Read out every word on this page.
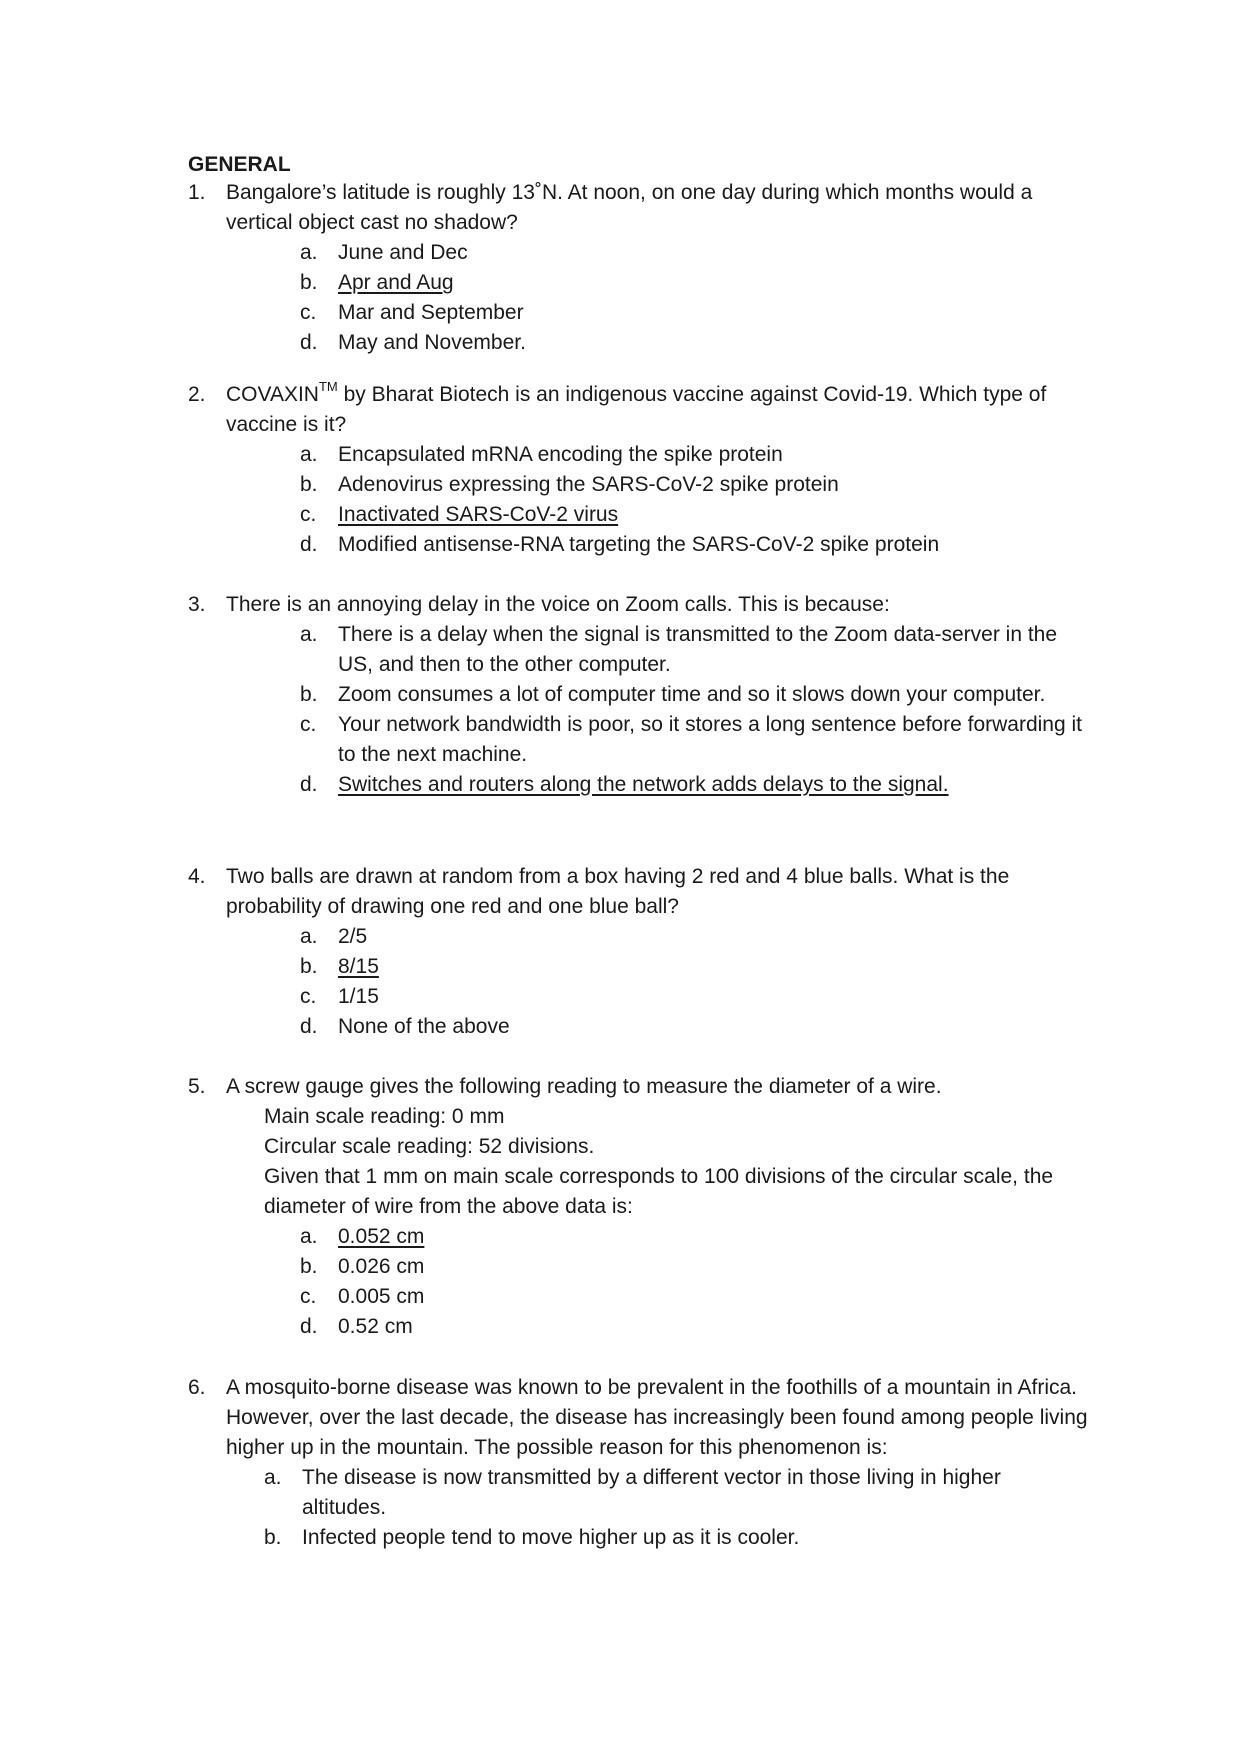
GENERAL
1. Bangalore’s latitude is roughly 13˚N. At noon, on one day during which months would a vertical object cast no shadow?
a. June and Dec
b. Apr and Aug
c.	Mar and September
d. May and November.
2. COVAXIN™ by Bharat Biotech is an indigenous vaccine against Covid-19. Which type of vaccine is it?
a. Encapsulated mRNA encoding the spike protein
b. Adenovirus expressing the SARS-CoV-2 spike protein
c.	Inactivated SARS-CoV-2 virus
d. Modified antisense-RNA targeting the SARS-CoV-2 spike protein
3. There is an annoying delay in the voice on Zoom calls. This is because:
a. There is a delay when the signal is transmitted to the Zoom data-server in the US, and then to the other computer.
b. Zoom consumes a lot of computer time and so it slows down your computer.
c.	Your network bandwidth is poor, so it stores a long sentence before forwarding it to the next machine.
d. Switches and routers along the network adds delays to the signal.
4. Two balls are drawn at random from a box having 2 red and 4 blue balls. What is the probability of drawing one red and one blue ball?
a. 2/5
b. 8/15
c.	1/15
d. None of the above
5. A screw gauge gives the following reading to measure the diameter of a wire.
Main scale reading: 0 mm
Circular scale reading: 52 divisions.
Given that 1 mm on main scale corresponds to 100 divisions of the circular scale, the diameter of wire from the above data is:
a. 0.052 cm
b. 0.026 cm
c.	0.005 cm
d. 0.52 cm
6. A mosquito-borne disease was known to be prevalent in the foothills of a mountain in Africa. However, over the last decade, the disease has increasingly been found among people living higher up in the mountain. The possible reason for this phenomenon is:
a. The disease is now transmitted by a different vector in those living in higher altitudes.
b. Infected people tend to move higher up as it is cooler.
